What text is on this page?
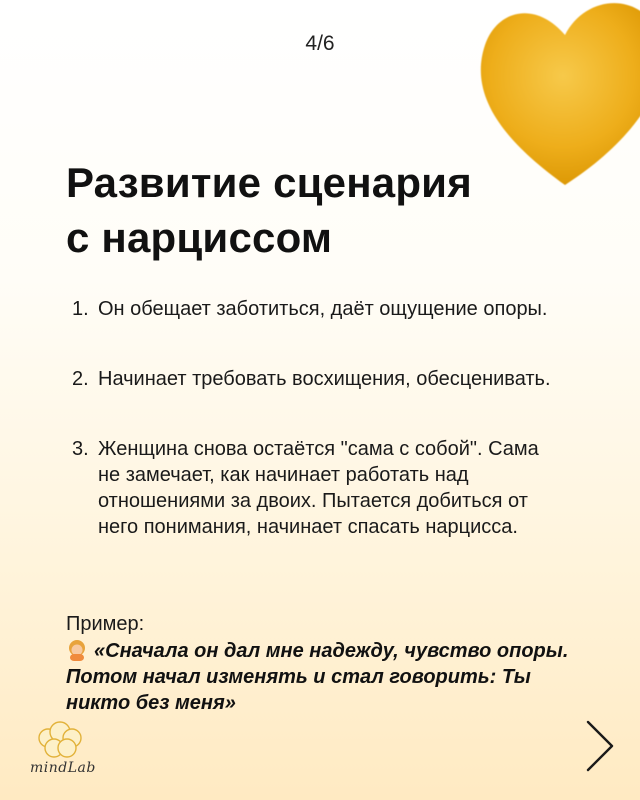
4/6
Развитие сценария
с нарциссом
1. Он обещает заботиться, даёт ощущение опоры.
2. Начинает требовать восхищения, обесценивать.
3. Женщина снова остаётся "сама с собой". Сама не замечает, как начинает работать над отношениями за двоих. Пытается добиться от него понимания, начинает спасать нарцисса.
Пример:
«Сначала он дал мне надежду, чувство опоры. Потом начал изменять и стал говорить: Ты никто без меня»
mindLab
